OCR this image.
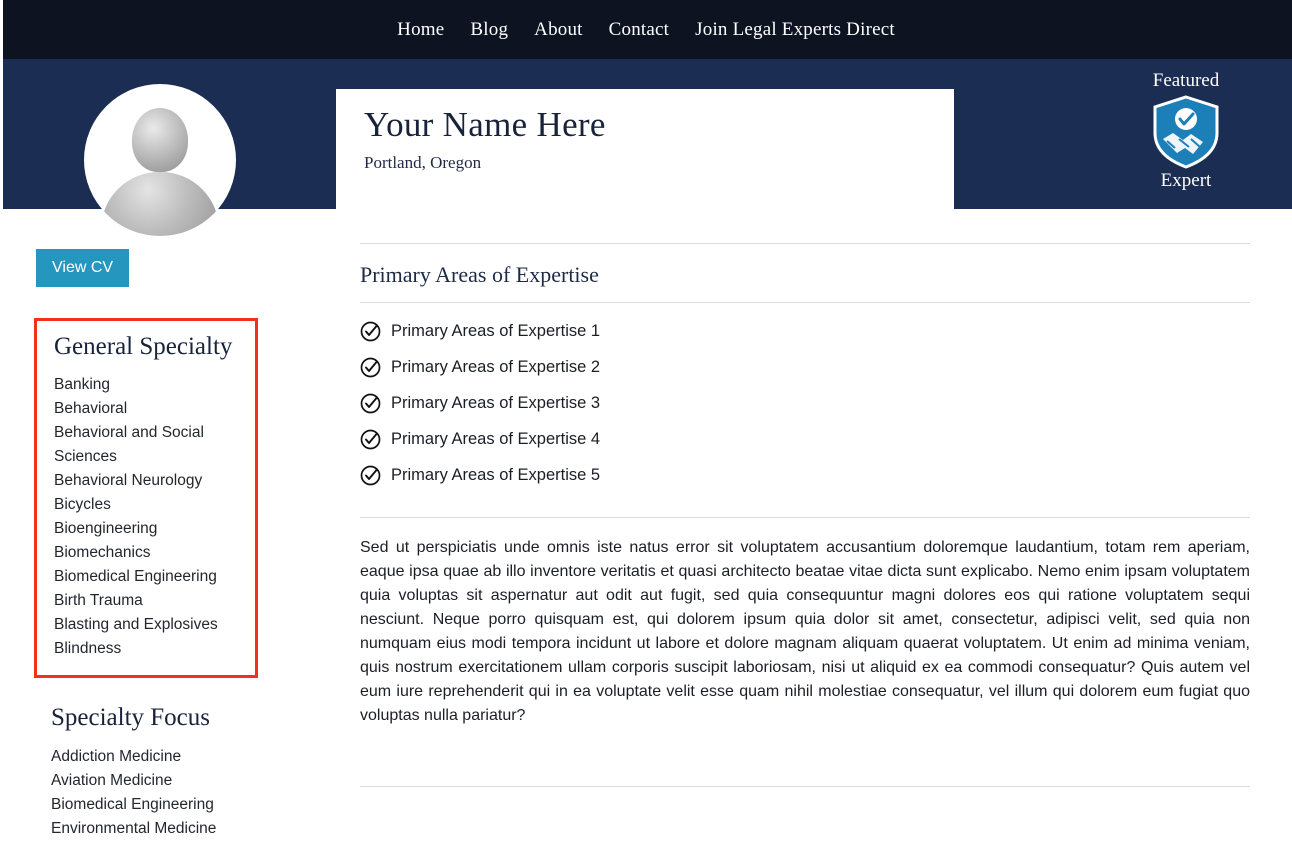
Home Blog About Contact Join Legal Experts Direct
Your Name Here
Portland, Oregon
Featured
Expert
View CV
General Specialty
Banking
Behavioral
Behavioral and Social Sciences
Behavioral Neurology
Bicycles
Bioengineering
Biomechanics
Biomedical Engineering
Birth Trauma
Blasting and Explosives
Blindness
Specialty Focus
Addiction Medicine
Aviation Medicine
Biomedical Engineering
Environmental Medicine
Primary Areas of Expertise
Primary Areas of Expertise 1
Primary Areas of Expertise 2
Primary Areas of Expertise 3
Primary Areas of Expertise 4
Primary Areas of Expertise 5

Sed ut perspiciatis unde omnis iste natus error sit voluptatem accusantium doloremque laudantium, totam rem aperiam, eaque ipsa quae ab illo inventore veritatis et quasi architecto beatae vitae dicta sunt explicabo. Nemo enim ipsam voluptatem quia voluptas sit aspernatur aut odit aut fugit, sed quia consequuntur magni dolores eos qui ratione voluptatem sequi nesciunt. Neque porro quisquam est, qui dolorem ipsum quia dolor sit amet, consectetur, adipisci velit, sed quia non numquam eius modi tempora incidunt ut labore et dolore magnam aliquam quaerat voluptatem. Ut enim ad minima veniam, quis nostrum exercitationem ullam corporis suscipit laboriosam, nisi ut aliquid ex ea commodi consequatur? Quis autem vel eum iure reprehenderit qui in ea voluptate velit esse quam nihil molestiae consequatur, vel illum qui dolorem eum fugiat quo voluptas nulla pariatur?
